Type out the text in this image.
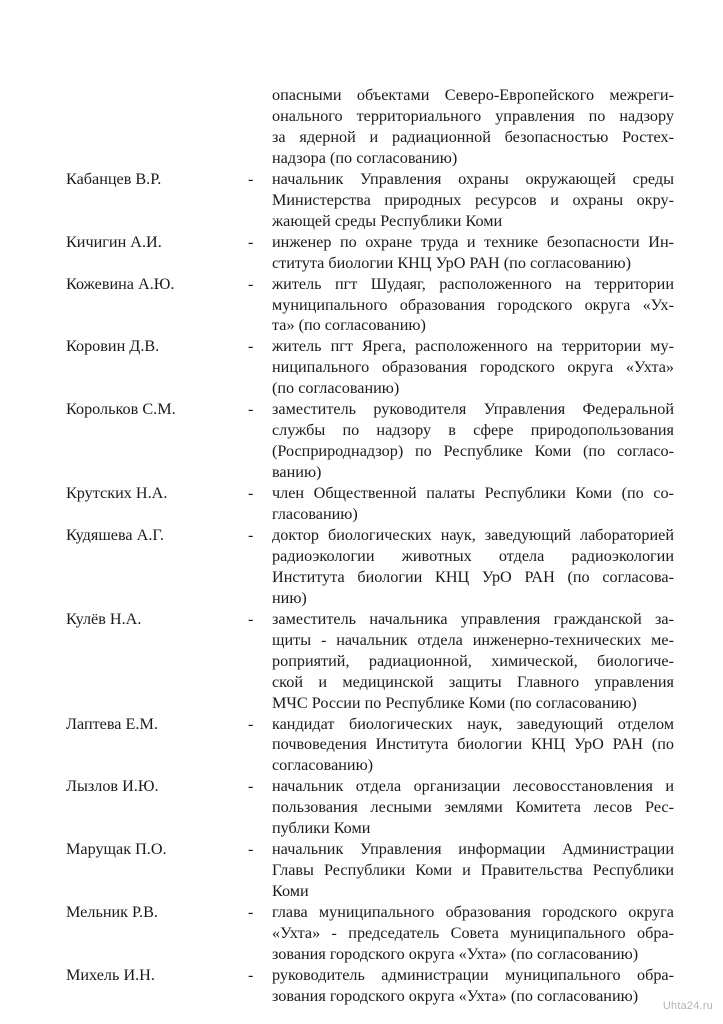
опасными объектами Северо-Европейского межреги-
онального территориального управления по надзору
за ядерной и радиационной безопасностью Ростех-
надзора (по согласованию)
Кабанцев В.Р.	- начальник Управления охраны окружающей среды
Министерства природных ресурсов и охраны окру-
жающей среды Республики Коми
Кичигин А.И.	- инженер по охране труда и технике безопасности Ин-
ститута биологии КНЦ УрО РАН (по согласованию)
Кожевина А.Ю.	- житель пгт Шудаяг, расположенного на территории
муниципального образования городского округа «Ух-
та» (по согласованию)
Коровин Д.В.	- житель пгт Ярега, расположенного на территории му-
ниципального образования городского округа «Ухта»
(по согласованию)
Корольков С.М.	- заместитель руководителя Управления Федеральной
службы по надзору в сфере природопользования
(Росприроднадзор) по Республике Коми (по согласо-
ванию)
Крутских Н.А.	- член Общественной палаты Республики Коми (по со-
гласованию)
Кудяшева А.Г.	- доктор биологических наук, заведующий лабораторией
радиоэкологии животных отдела радиоэкологии
Института биологии КНЦ УрО РАН (по согласова-
нию)
Кулёв Н.А.	- заместитель начальника управления гражданской за-
щиты - начальник отдела инженерно-технических ме-
роприятий, радиационной, химической, биологиче-
ской и медицинской защиты Главного управления
МЧС России по Республике Коми (по согласованию)
Лаптева Е.М.	- кандидат биологических наук, заведующий отделом
почвоведения Института биологии КНЦ УрО РАН (по
согласованию)
Лызлов И.Ю.	- начальник отдела организации лесовосстановления и
пользования лесными землями Комитета лесов Рес-
публики Коми
Марущак П.О.	- начальник Управления информации Администрации
Главы Республики Коми и Правительства Республики
Коми
Мельник Р.В.	- глава муниципального образования городского округа
«Ухта» - председатель Совета муниципального обра-
зования городского округа «Ухта» (по согласованию)
Михель И.Н.	- руководитель администрации муниципального обра-
зования городского округа «Ухта» (по согласованию)
Uhta24.ru
